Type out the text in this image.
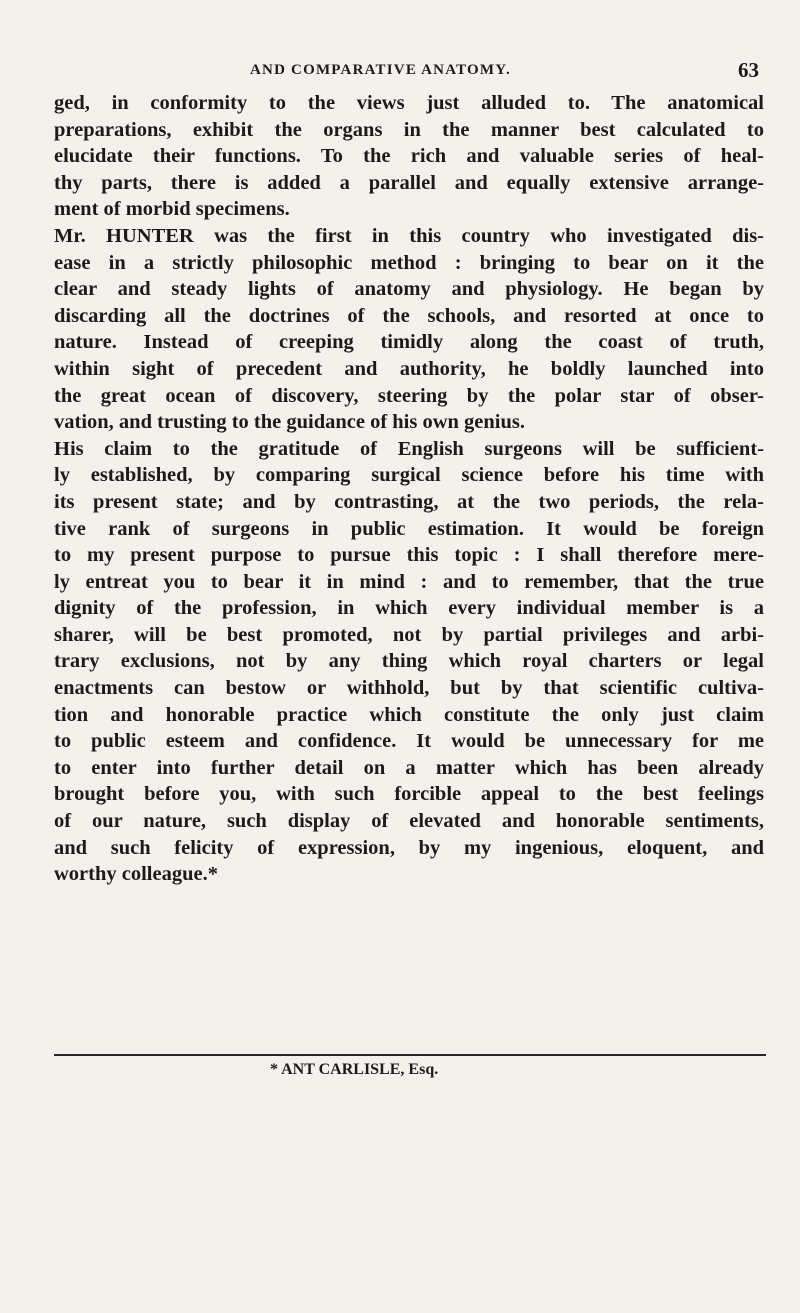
AND COMPARATIVE ANATOMY.	63
ged, in conformity to the views just alluded to. The anatomical
preparations, exhibit the organs in the manner best calculated to
elucidate their functions. To the rich and valuable series of heal-
thy parts, there is added a parallel and equally extensive arrange-
ment of morbid specimens.
Mr. HUNTER was the first in this country who investigated dis-
ease in a strictly philosophic method : bringing to bear on it the
clear and steady lights of anatomy and physiology. He began by
discarding all the doctrines of the schools, and resorted at once to
nature. Instead of creeping timidly along the coast of truth,
within sight of precedent and authority, he boldly launched into
the great ocean of discovery, steering by the polar star of obser-
vation, and trusting to the guidance of his own genius.
His claim to the gratitude of English surgeons will be sufficient-
ly established, by comparing surgical science before his time with
its present state; and by contrasting, at the two periods, the rela-
tive rank of surgeons in public estimation. It would be foreign
to my present purpose to pursue this topic : I shall therefore mere-
ly entreat you to bear it in mind : and to remember, that the true
dignity of the profession, in which every individual member is a
sharer, will be best promoted, not by partial privileges and arbi-
trary exclusions, not by any thing which royal charters or legal
enactments can bestow or withhold, but by that scientific cultiva-
tion and honorable practice which constitute the only just claim
to public esteem and confidence. It would be unnecessary for me
to enter into further detail on a matter which has been already
brought before you, with such forcible appeal to the best feelings
of our nature, such display of elevated and honorable sentiments,
and such felicity of expression, by my ingenious, eloquent, and
worthy colleague.*
* ANT CARLISLE, Esq.
